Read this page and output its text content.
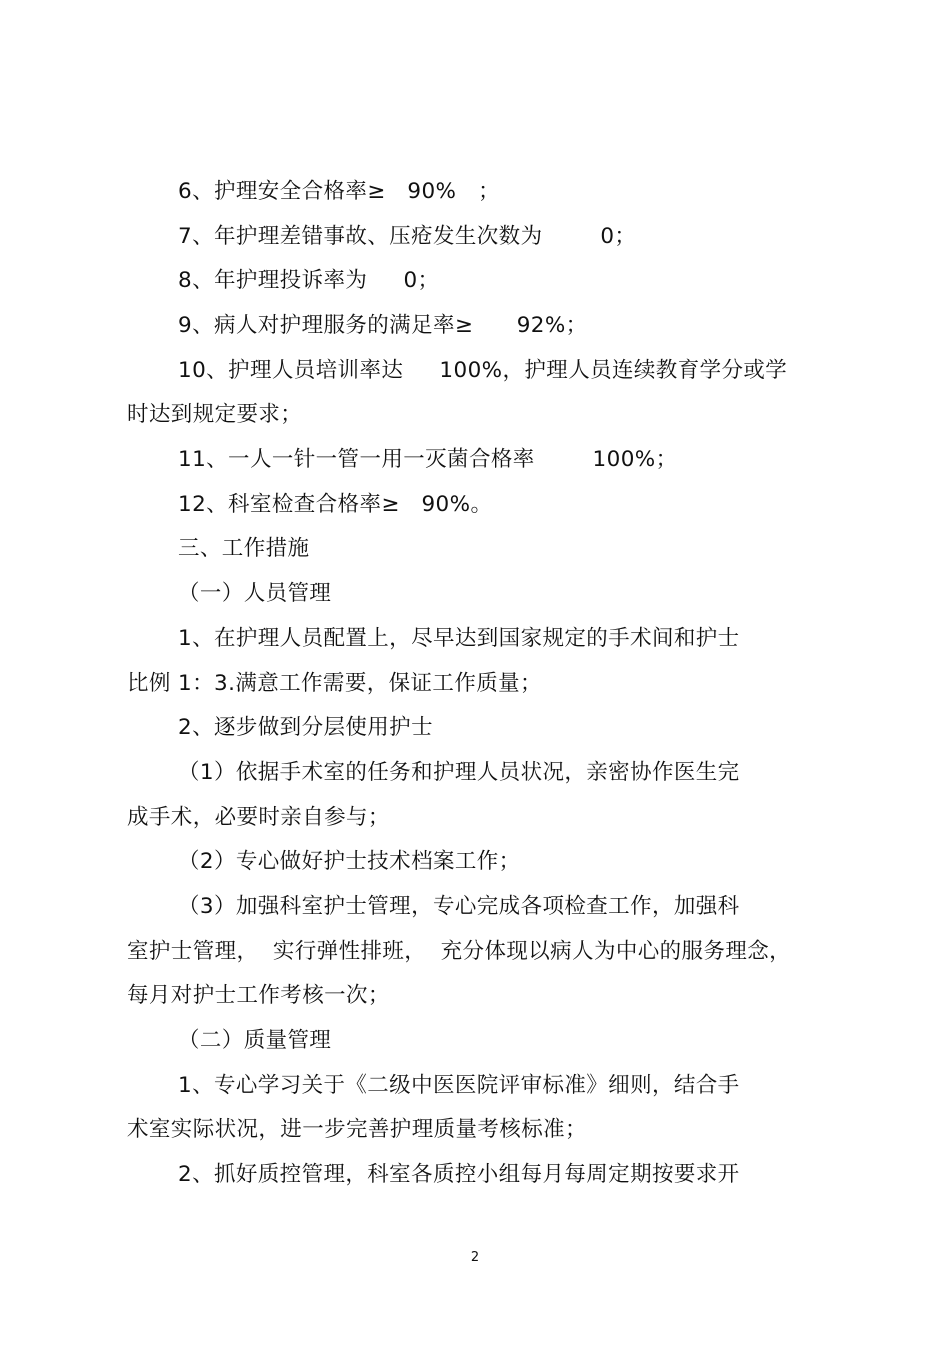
6、护理安全合格率≥   90%   ；
7、年护理差错事故、压疮发生次数为        0；
8、年护理投诉率为     0；
9、病人对护理服务的满足率≥      92%；
10、护理人员培训率达     100%，护理人员连续教育学分或学
时达到规定要求；
11、一人一针一管一用一灭菌合格率        100%；
12、科室检查合格率≥   90%。
三、工作措施
（一）人员管理
1、在护理人员配置上，尽早达到国家规定的手术间和护士
比例 1：3.满意工作需要，保证工作质量；
2、逐步做到分层使用护士
（1）依据手术室的任务和护理人员状况，亲密协作医生完
成手术，必要时亲自参与；
（2）专心做好护士技术档案工作；
（3）加强科室护士管理，专心完成各项检查工作，加强科
室护士管理，  实行弹性排班，  充分体现以病人为中心的服务理念，
每月对护士工作考核一次；
（二）质量管理
1、专心学习关于《二级中医医院评审标准》细则，结合手
术室实际状况，进一步完善护理质量考核标准；
2、抓好质控管理，科室各质控小组每月每周定期按要求开
2
